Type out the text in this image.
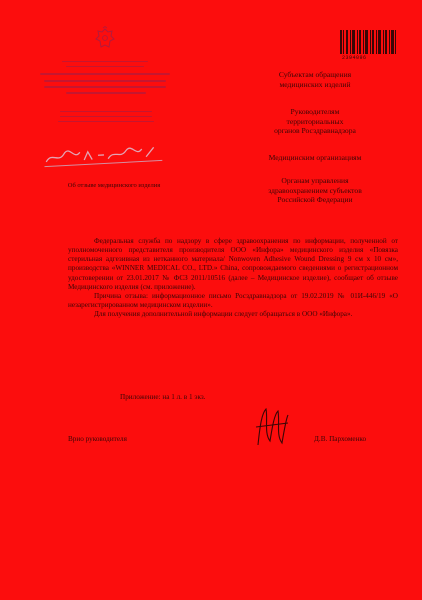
2394096
Об отзыве медицинского изделия
Субъектам обращения
медицинских изделий
Руководителям
территориальных
органов Росздравнадзора
Медицинским организациям
Органам управления
здравоохранением субъектов
Российской Федерации

Федеральная служба по надзору в сфере здравоохранения по информации, полученной от уполномоченного представителя производителя ООО «Инфора» медицинского изделия «Повязка стерильная адгезивная из нетканного материала/ Nonwoven Adhesive Wound Dressing 9 см х 10 см», производства «WINNER MEDICAL CO., LTD.» China, сопровождаемого сведениями о регистрационном удостоверении от 23.01.2017 № ФСЗ 2011/10516 (далее – Медицинское изделие), сообщает об отзыве Медицинского изделия (см. приложение).

Причина отзыва: информационное письмо Росздравнадзора от 19.02.2019 № 01И-446/19 «О незарегистрированном медицинском изделии».

Для получения дополнительной информации следует обращаться в ООО «Инфора».

Приложение: на 1 л. в 1 экз.
Врио руководителя	Д.В. Пархоменко
